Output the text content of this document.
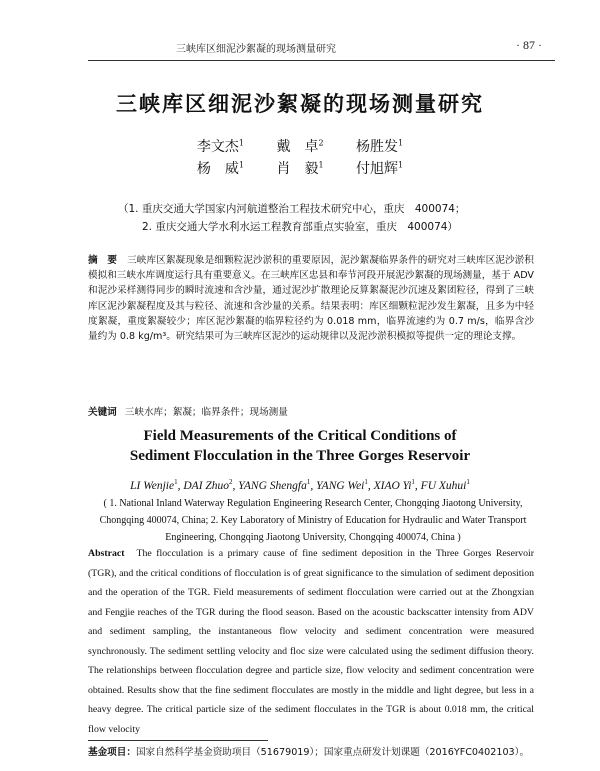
三峡库区细泥沙絮凝的现场测量研究	· 87 ·
三峡库区细泥沙絮凝的现场测量研究
李文杰$^1$ 戴　卓$^2$ 杨胜发$^1$
杨　威$^1$ 肖　毅$^1$ 付旭辉$^1$
（1. 重庆交通大学国家内河航道整治工程技术研究中心，重庆　400074；
2. 重庆交通大学水利水运工程教育部重点实验室，重庆　400074）
摘　要 三峡库区絮凝现象是细颗粒泥沙淤积的重要原因，泥沙絮凝临界条件的研究对三峡库区泥沙淤积模拟和三峡水库调度运行具有重要意义。在三峡库区忠县和奉节河段开展泥沙絮凝的现场测量，基于 ADV 和泥沙采样测得同步的瞬时流速和含沙量，通过泥沙扩散理论反算絮凝泥沙沉速及絮团粒径，得到了三峡库区泥沙絮凝程度及其与粒径、流速和含沙量的关系。结果表明：库区细颗粒泥沙发生絮凝，且多为中轻度絮凝，重度絮凝较少；库区泥沙絮凝的临界粒径约为 0.018 mm，临界流速约为 0.7 m/s，临界含沙量约为 0.8 kg/m³。研究结果可为三峡库区泥沙的运动规律以及泥沙淤积模拟等提供一定的理论支撑。
关键词 三峡水库；絮凝；临界条件；现场测量
Field Measurements of the Critical Conditions of
Sediment Flocculation in the Three Gorges Reservoir
LI Wenjie$^1$, DAI Zhuo$^2$, YANG Shengfa$^1$, YANG Wei$^1$, XIAO Yi$^1$, FU Xuhui$^1$
( 1. National Inland Waterway Regulation Engineering Research Center, Chongqing Jiaotong University, Chongqing 400074, China; 2. Key Laboratory of Ministry of Education for Hydraulic and Water Transport Engineering, Chongqing Jiaotong University, Chongqing 400074, China )
Abstract The flocculation is a primary cause of fine sediment deposition in the Three Gorges Reservoir (TGR), and the critical conditions of flocculation is of great significance to the simulation of sediment deposition and the operation of the TGR. Field measurements of sediment flocculation were carried out at the Zhongxian and Fengjie reaches of the TGR during the flood season. Based on the acoustic backscatter intensity from ADV and sediment sampling, the instantaneous flow velocity and sediment concentration were measured synchronously. The sediment settling velocity and floc size were calculated using the sediment diffusion theory. The relationships between flocculation degree and particle size, flow velocity and sediment concentration were obtained. Results show that the fine sediment flocculates are mostly in the middle and light degree, but less in a heavy degree. The critical particle size of the sediment flocculates in the TGR is about 0.018 mm, the critical flow velocity
基金项目：国家自然科学基金资助项目（51679019）；国家重点研发计划课题（2016YFC0402103）。
